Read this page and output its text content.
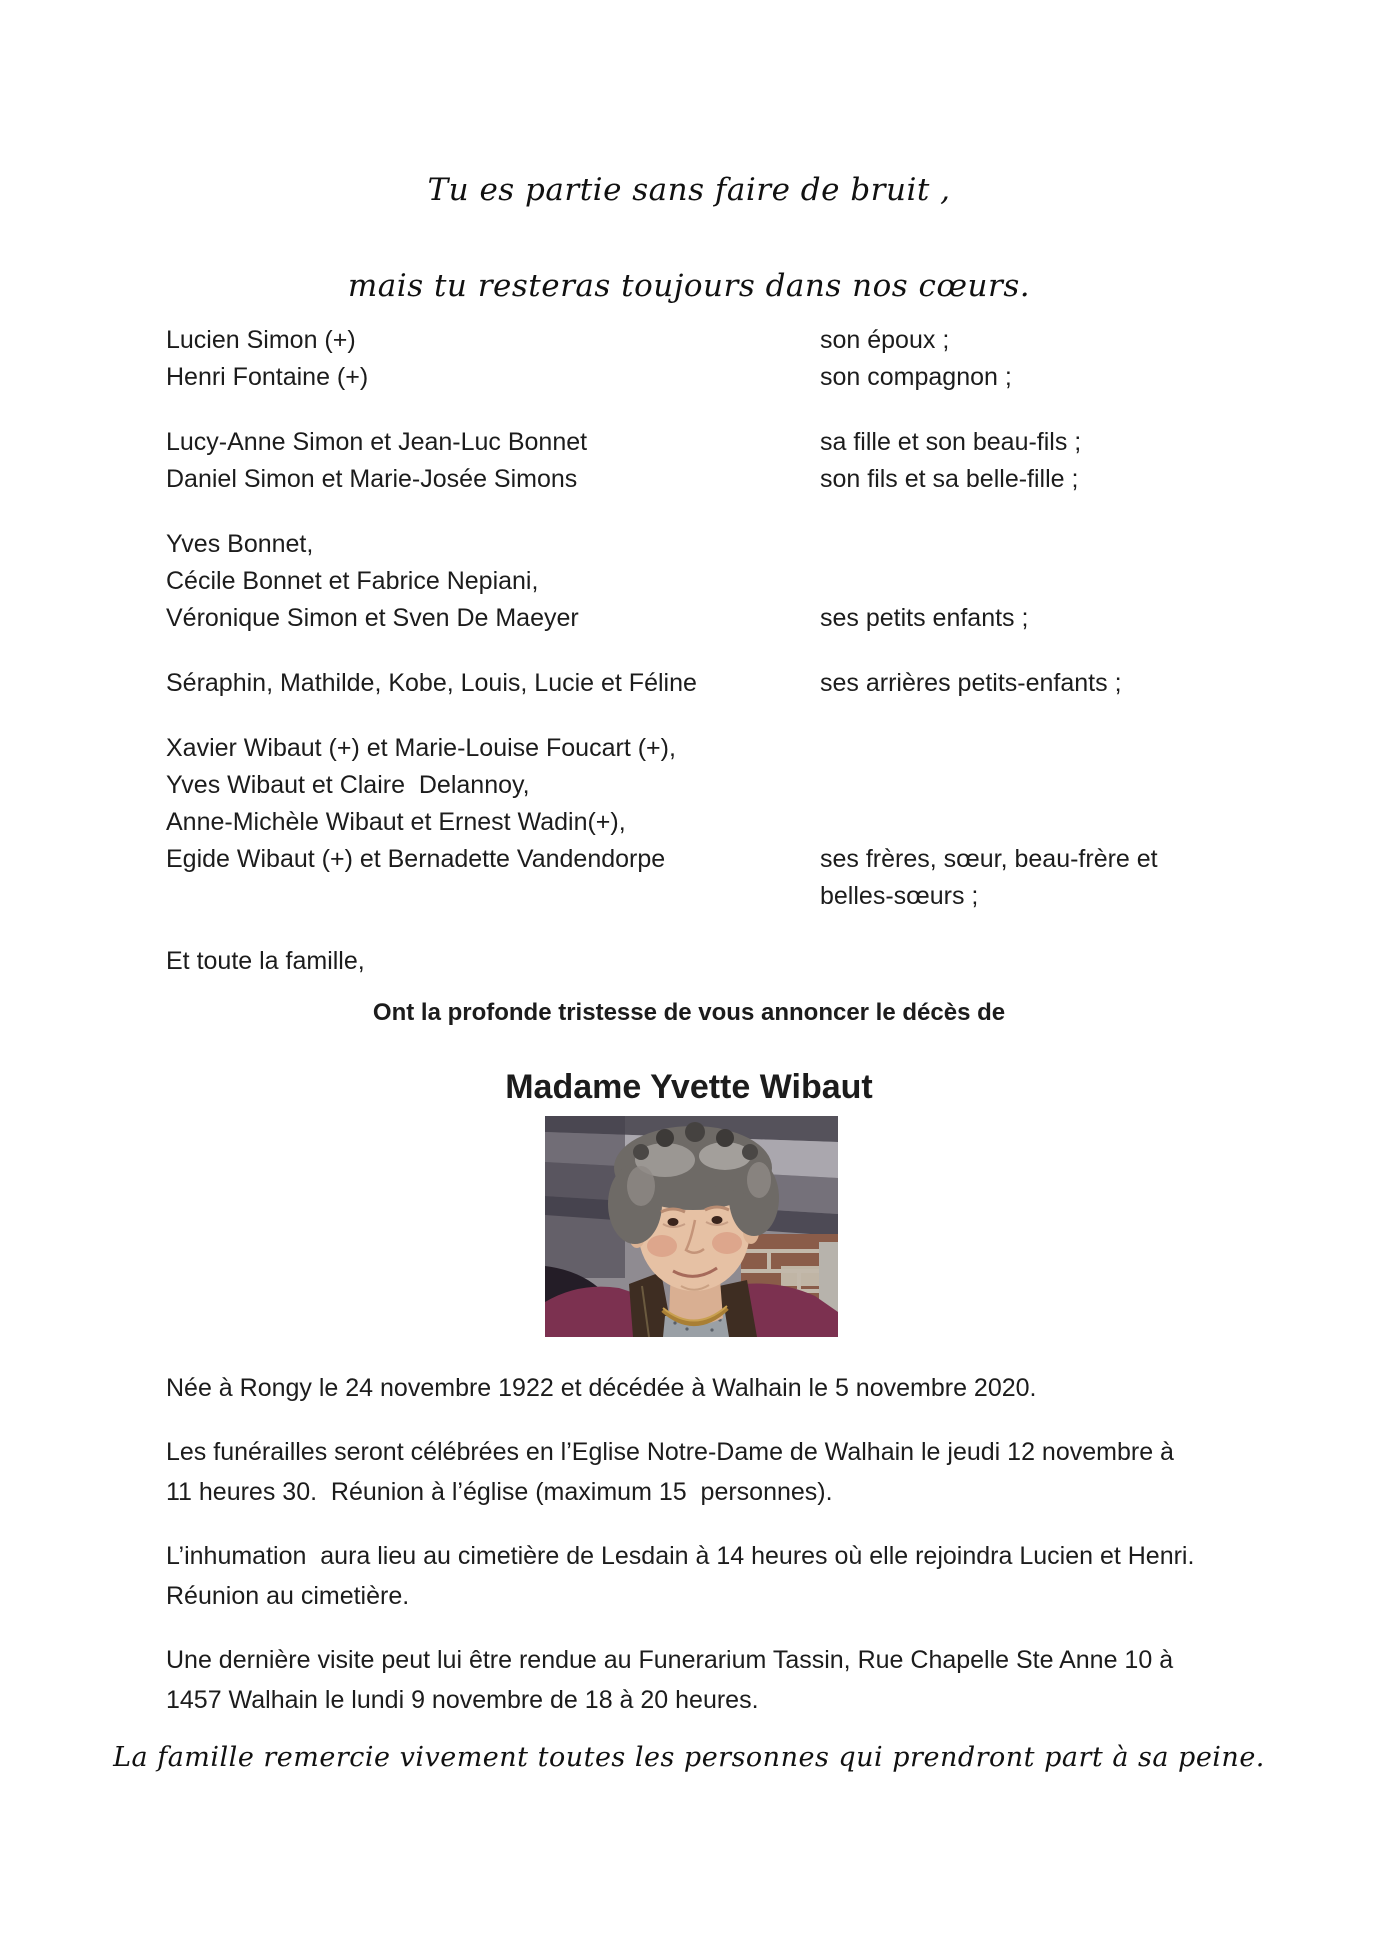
Tu es partie sans faire de bruit ,
mais tu resteras toujours dans nos cœurs.
Lucien Simon (+)	son époux ;
Henri Fontaine (+)	son compagnon ;
Lucy-Anne Simon et Jean-Luc Bonnet	sa fille et son beau-fils ;
Daniel Simon et Marie-Josée Simons	son fils et sa belle-fille ;
Yves Bonnet,
Cécile Bonnet et Fabrice Nepiani,
Véronique Simon et Sven De Maeyer	ses petits enfants ;
Séraphin, Mathilde, Kobe, Louis, Lucie et Féline	ses arrières petits-enfants ;
Xavier Wibaut (+) et Marie-Louise Foucart (+),
Yves Wibaut et Claire  Delannoy,
Anne-Michèle Wibaut et Ernest Wadin(+),
Egide Wibaut (+) et Bernadette Vandendorpe	ses frères, sœur, beau-frère et
belles-sœurs ;
Et toute la famille,
Ont la profonde tristesse de vous annoncer le décès de
Madame Yvette Wibaut
Née à Rongy le 24 novembre 1922 et décédée à Walhain le 5 novembre 2020.
Les funérailles seront célébrées en l’Eglise Notre-Dame de Walhain le jeudi 12 novembre à
11 heures 30.  Réunion à l’église (maximum 15  personnes).
L’inhumation  aura lieu au cimetière de Lesdain à 14 heures où elle rejoindra Lucien et Henri.
Réunion au cimetière.
Une dernière visite peut lui être rendue au Funerarium Tassin, Rue Chapelle Ste Anne 10 à
1457 Walhain le lundi 9 novembre de 18 à 20 heures.
La famille remercie vivement toutes les personnes qui prendront part à sa peine.
